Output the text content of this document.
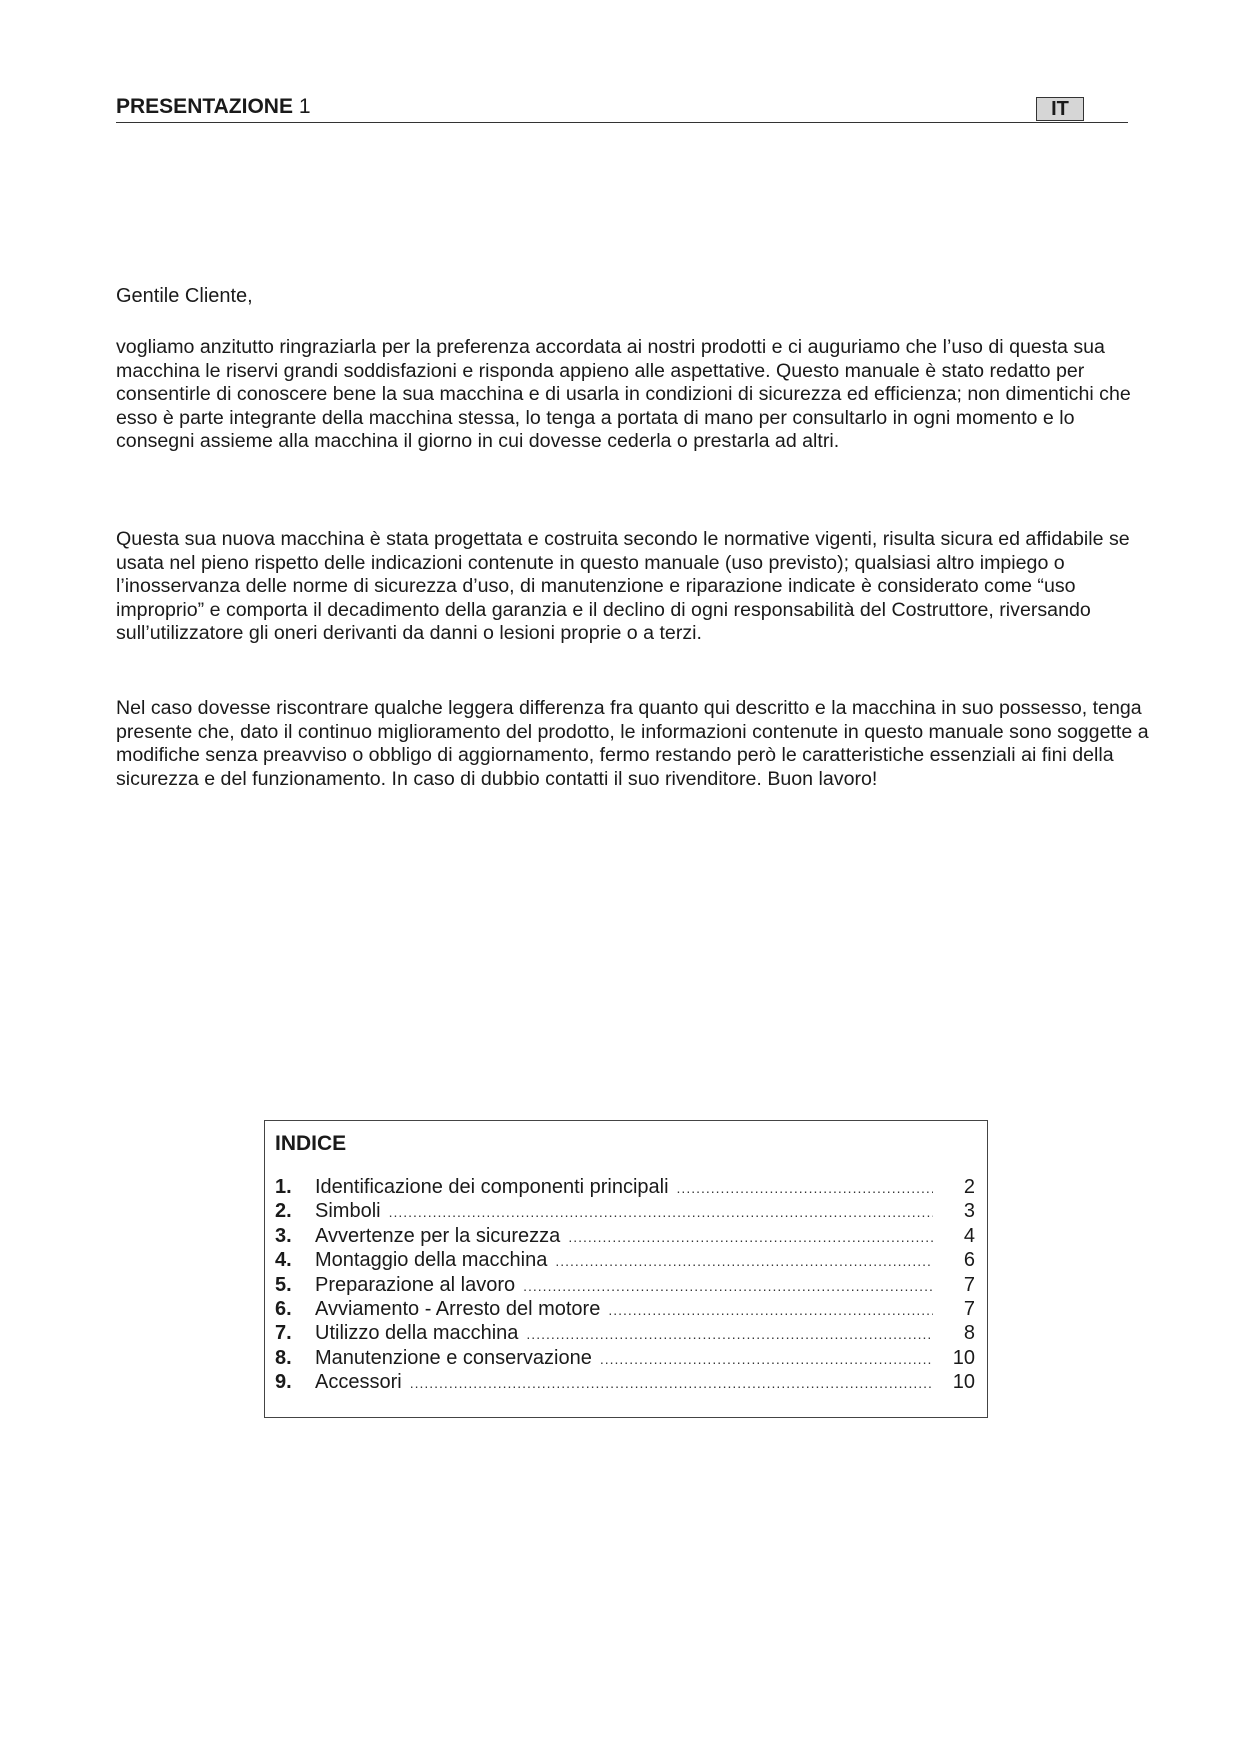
PRESENTAZIONE 1	IT
Gentile Cliente,

vogliamo anzitutto ringraziarla per la preferenza accordata ai nostri prodotti e ci auguriamo che l’uso di questa sua macchina le riservi grandi soddisfazioni e risponda appieno alle aspettative. Questo manuale è stato redatto per consentirle di conoscere bene la sua macchina e di usarla in condizioni di sicurezza ed efficienza; non dimentichi che esso è parte integrante della macchina stessa, lo tenga a portata di mano per consultarlo in ogni momento e lo consegni assieme alla macchina il giorno in cui dovesse cederla o prestarla ad altri.

Questa sua nuova macchina è stata progettata e costruita secondo le normative vigenti, risulta sicura ed affidabile se usata nel pieno rispetto delle indicazioni contenute in questo manuale (uso previsto); qualsiasi altro impiego o l’inosservanza delle norme di sicurezza d’uso, di manutenzione e riparazione indicate è considerato come “uso improprio” e comporta il decadimento della garanzia e il declino di ogni responsabilità del Costruttore, riversando sull’utilizzatore gli oneri derivanti da danni o lesioni proprie o a terzi.

Nel caso dovesse riscontrare qualche leggera differenza fra quanto qui descritto e la macchina in suo possesso, tenga presente che, dato il continuo miglioramento del prodotto, le informazioni contenute in questo manuale sono soggette a modifiche senza preavviso o obbligo di aggiornamento, fermo restando però le caratteristiche essenziali ai fini della sicurezza e del funzionamento. In caso di dubbio contatti il suo rivenditore. Buon lavoro!

INDICE
1.	Identificazione dei componenti principali .....	2
2.	Simboli .....	3
3.	Avvertenze per la sicurezza .....	4
4.	Montaggio della macchina .....	6
5.	Preparazione al lavoro .....	7
6.	Avviamento - Arresto del motore .....	7
7.	Utilizzo della macchina .....	8
8.	Manutenzione e conservazione .....	10
9.	Accessori .....	10
